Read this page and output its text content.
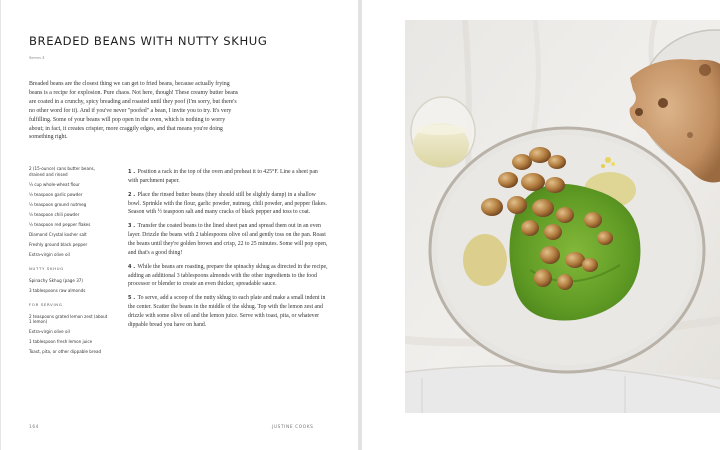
BREADED BEANS WITH NUTTY SKHUG
Serves 4

Breaded beans are the closest thing we can get to fried beans, because actually frying beans is a recipe for explosion. Pure chaos. Not here, though! These creamy butter beans are coated in a crunchy, spicy breading and roasted until they poof (I'm sorry, but there's no other word for it). And if you've never "poofed" a bean, I invite you to try. It's very fulfilling. Some of your beans will pop open in the oven, which is nothing to worry about; in fact, it creates crispier, more craggily edges, and that means you're doing something right.

2 (15-ounce) cans butter beans, drained and rinsed
¼ cup whole-wheat flour
½ teaspoon garlic powder
½ teaspoon ground nutmeg
½ teaspoon chili powder
½ teaspoon red pepper flakes
Diamond Crystal kosher salt
Freshly ground black pepper
Extra-virgin olive oil
NUTTY SKHUG
Spinachy Skhug (page 37)
3 tablespoons raw almonds
FOR SERVING
2 teaspoons grated lemon zest (about 1 lemon)
Extra-virgin olive oil
1 tablespoon fresh lemon juice
Toast, pita, or other dippable bread

1 . Position a rack in the top of the oven and preheat it to 425°F. Line a sheet pan with parchment paper.

2 . Place the rinsed butter beans (they should still be slightly damp) in a shallow bowl. Sprinkle with the flour, garlic powder, nutmeg, chili powder, and pepper flakes. Season with ½ teaspoon salt and many cracks of black pepper and toss to coat.

3 . Transfer the coated beans to the lined sheet pan and spread them out in an even layer. Drizzle the beans with 2 tablespoons olive oil and gently toss on the pan. Roast the beans until they're golden brown and crisp, 22 to 25 minutes. Some will pop open, and that's a good thing!

4 . While the beans are roasting, prepare the spinachy skhug as directed in the recipe, adding an additional 3 tablespoons almonds with the other ingredients to the food processor or blender to create an even thicker, spreadable sauce.

5 . To serve, add a scoop of the nutty skhug to each plate and make a small indent in the center. Scatter the beans in the middle of the skhug. Top with the lemon zest and drizzle with some olive oil and the lemon juice. Serve with toast, pita, or whatever dippable bread you have on hand.

164	JUSTINE COOKS
